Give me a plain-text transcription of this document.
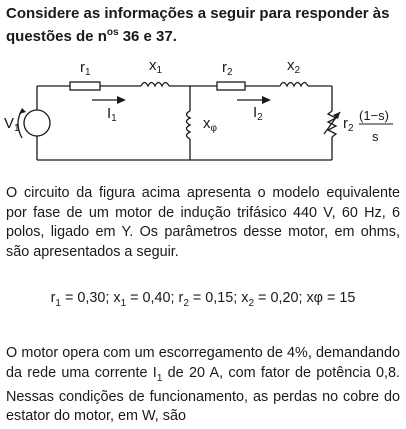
Considere as informações a seguir para responder às questões de $n^{os}$ 36 e 37.
$r_1$	$x_1$	$r_2$	$x_2$
$V_1$
$I_1$	$I_2$
$x_\varphi$	$r_2$
(1−s)
s
O circuito da figura acima apresenta o modelo equivalente por fase de um motor de indução trifásico 440 V, 60 Hz, 6 polos, ligado em Y. Os parâmetros desse motor, em ohms, são apresentados a seguir.
$r_1 = 0,30$; $x_1 = 0,40$; $r_2 = 0,15$; $x_2 = 0,20$; xφ = 15
O motor opera com um escorregamento de 4%, demandando da rede uma corrente $I_1$ de 20 A, com fator de potência 0,8. Nessas condições de funcionamento, as perdas no cobre do estator do motor, em W, são
